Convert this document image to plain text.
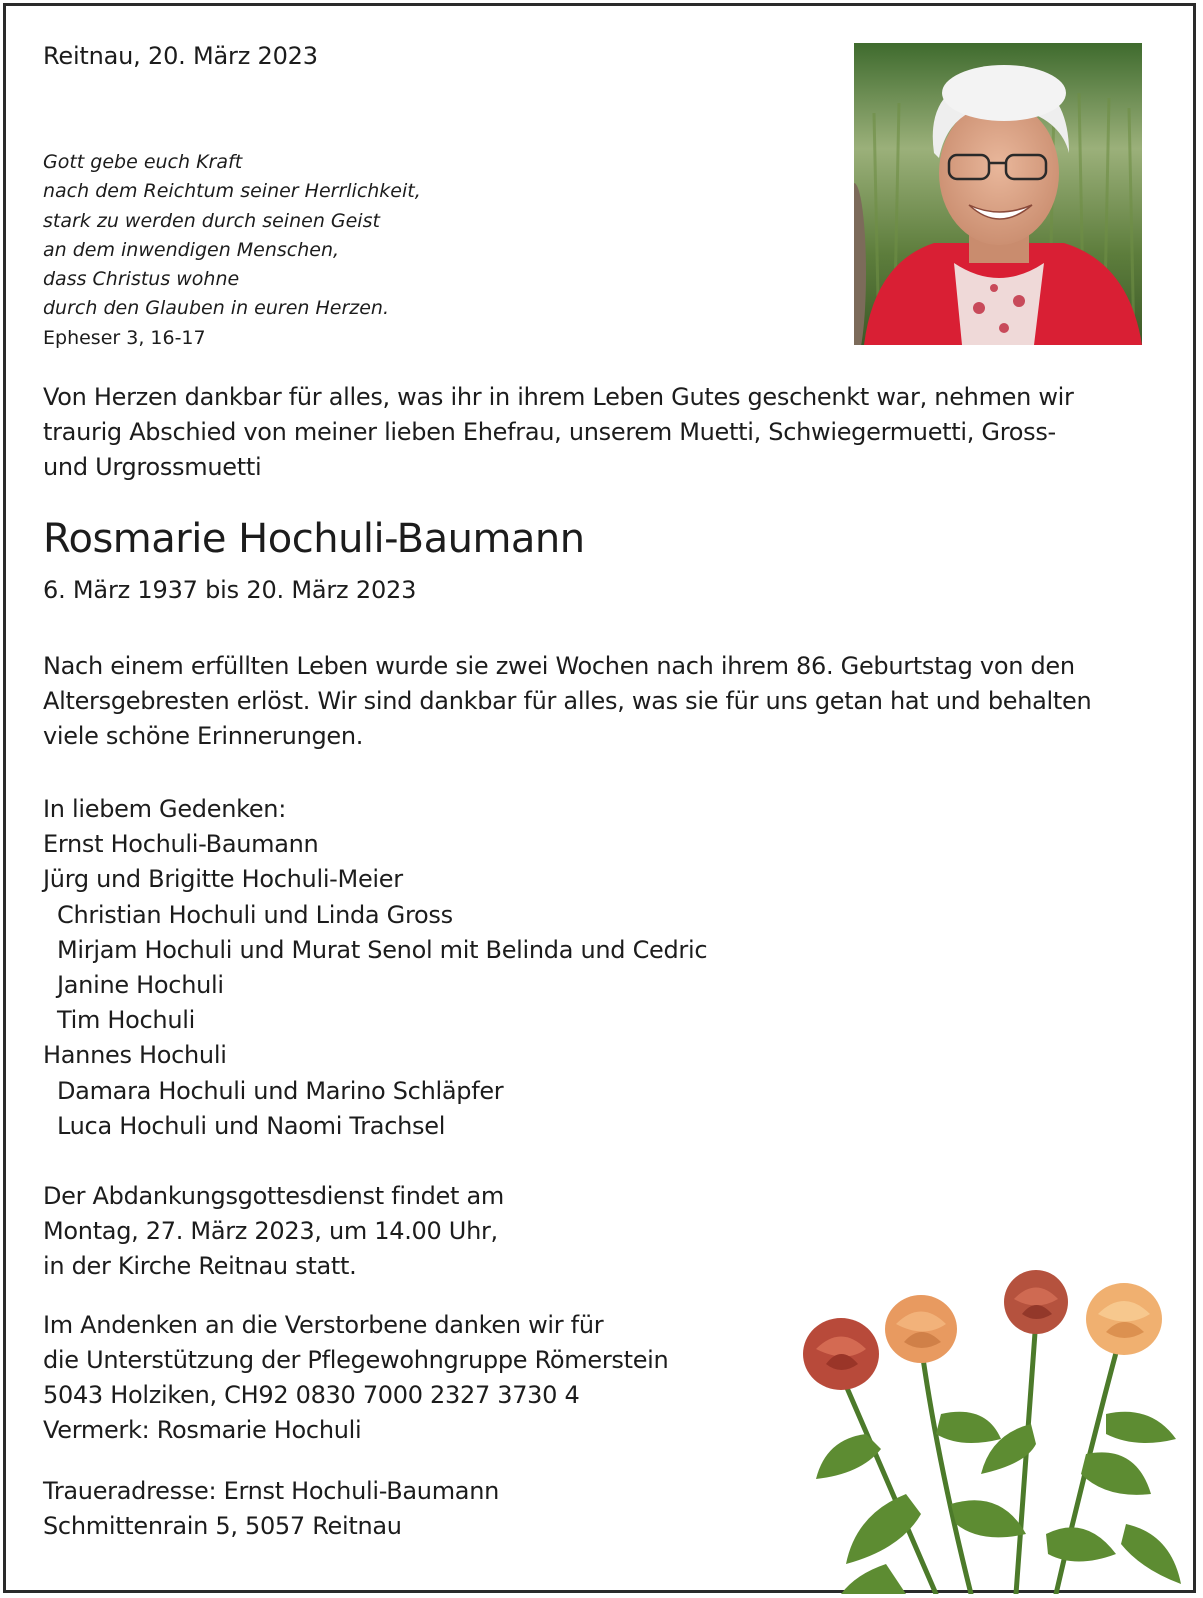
Reitnau, 20. März 2023

Gott gebe euch Kraft
nach dem Reichtum seiner Herrlichkeit,
stark zu werden durch seinen Geist
an dem inwendigen Menschen,
dass Christus wohne
durch den Glauben in euren Herzen.
Epheser 3, 16-17
Von Herzen dankbar für alles, was ihr in ihrem Leben Gutes geschenkt war, nehmen wir
traurig Abschied von meiner lieben Ehefrau, unserem Muetti, Schwiegermuetti, Gross-
und Urgrossmuetti

Rosmarie Hochuli-Baumann

6. März 1937 bis 20. März 2023

Nach einem erfüllten Leben wurde sie zwei Wochen nach ihrem 86. Geburtstag von den
Altersgebresten erlöst. Wir sind dankbar für alles, was sie für uns getan hat und behalten
viele schöne Erinnerungen.
In liebem Gedenken:
Ernst Hochuli-Baumann
Jürg und Brigitte Hochuli-Meier
Christian Hochuli und Linda Gross
Mirjam Hochuli und Murat Senol mit Belinda und Cedric
Janine Hochuli
Tim Hochuli
Hannes Hochuli
Damara Hochuli und Marino Schläpfer
Luca Hochuli und Naomi Trachsel
Der Abdankungsgottesdienst findet am
Montag, 27. März 2023, um 14.00 Uhr,
in der Kirche Reitnau statt.
Im Andenken an die Verstorbene danken wir für
die Unterstützung der Pflegewohngruppe Römerstein
5043 Holziken, CH92 0830 7000 2327 3730 4
Vermerk: Rosmarie Hochuli
Traueradresse: Ernst Hochuli-Baumann
Schmittenrain 5, 5057 Reitnau
